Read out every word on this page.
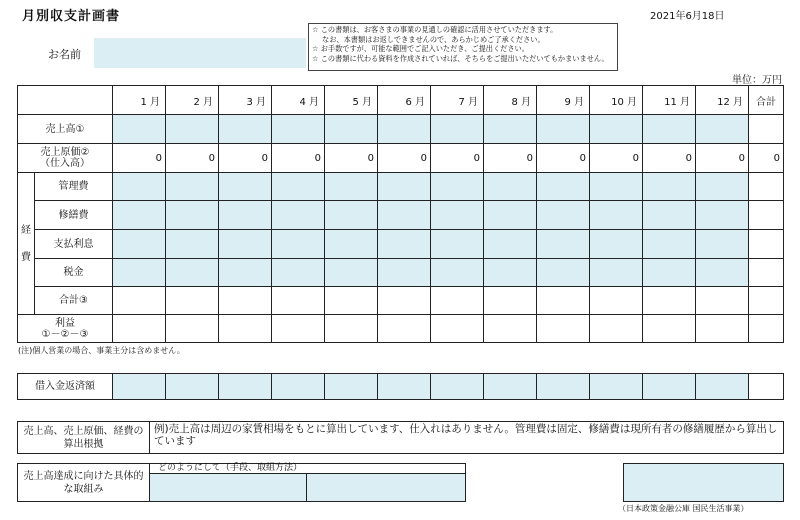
月別収支計画書	2021年6月18日
お名前
☆ この書類は、お客さまの事業の見通しの確認に活用させていただきます。
なお、本書類はお返しできませんので、あらかじめご了承ください。
☆ お手数ですが、可能な範囲でご記入いただき、ご提出ください。
☆ この書類に代わる資料を作成されていれば、そちらをご提出いただいてもかまいません。
単位：万円
		1 月	2 月	3 月	4 月	5 月	6 月	7 月	8 月	9 月	10 月	11 月	12 月	合計
売上高①														

売上原価②
（仕入高）		0	0	0	0	0	0	0	0	0	0	0	0	0

経
費	管理費													
	修繕費													
	支払利息													
	税金													
	合計③													

利益
①－②－③														

(注)個人営業の場合、事業主分は含めません。
借入金返済額													
売上高、売上原価、経費の算出根拠	例)売上高は周辺の家賃相場をもとに算出しています、仕入れはありません。管理費は固定、修繕費は現所有者の修繕履歴から算出しています
売上高達成に向けた具体的な取組み	どのようにして（手段、取組方法）			

（日本政策金融公庫 国民生活事業）
